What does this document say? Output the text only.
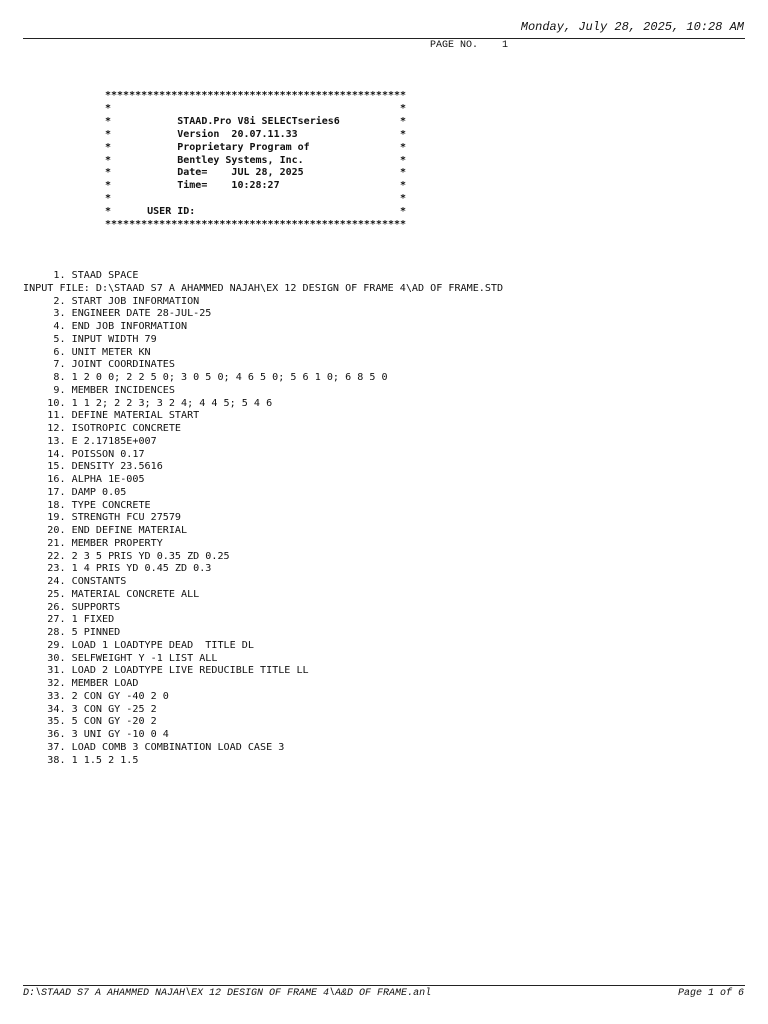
Monday, July 28, 2025, 10:28 AM
PAGE NO.    1
**************************************************
*                                                *
*           STAAD.Pro V8i SELECTseries6          *
*           Version  20.07.11.33                 *
*           Proprietary Program of               *
*           Bentley Systems, Inc.                *
*           Date=    JUL 28, 2025                *
*           Time=    10:28:27                    *
*                                                *
*      USER ID:                                  *
**************************************************
1. STAAD SPACE
INPUT FILE: D:\STAAD S7 A AHAMMED NAJAH\EX 12 DESIGN OF FRAME 4\AD OF FRAME.STD
2. START JOB INFORMATION
3. ENGINEER DATE 28-JUL-25
4. END JOB INFORMATION
5. INPUT WIDTH 79
6. UNIT METER KN
7. JOINT COORDINATES
8. 1 2 0 0; 2 2 5 0; 3 0 5 0; 4 6 5 0; 5 6 1 0; 6 8 5 0
9. MEMBER INCIDENCES
10. 1 1 2; 2 2 3; 3 2 4; 4 4 5; 5 4 6
11. DEFINE MATERIAL START
12. ISOTROPIC CONCRETE
13. E 2.17185E+007
14. POISSON 0.17
15. DENSITY 23.5616
16. ALPHA 1E-005
17. DAMP 0.05
18. TYPE CONCRETE
19. STRENGTH FCU 27579
20. END DEFINE MATERIAL
21. MEMBER PROPERTY
22. 2 3 5 PRIS YD 0.35 ZD 0.25
23. 1 4 PRIS YD 0.45 ZD 0.3
24. CONSTANTS
25. MATERIAL CONCRETE ALL
26. SUPPORTS
27. 1 FIXED
28. 5 PINNED
29. LOAD 1 LOADTYPE DEAD  TITLE DL
30. SELFWEIGHT Y -1 LIST ALL
31. LOAD 2 LOADTYPE LIVE REDUCIBLE TITLE LL
32. MEMBER LOAD
33. 2 CON GY -40 2 0
34. 3 CON GY -25 2
35. 5 CON GY -20 2
36. 3 UNI GY -10 0 4
37. LOAD COMB 3 COMBINATION LOAD CASE 3
38. 1 1.5 2 1.5
D:\STAAD S7 A AHAMMED NAJAH\EX 12 DESIGN OF FRAME 4\A&D OF FRAME.anl	Page 1 of 6
